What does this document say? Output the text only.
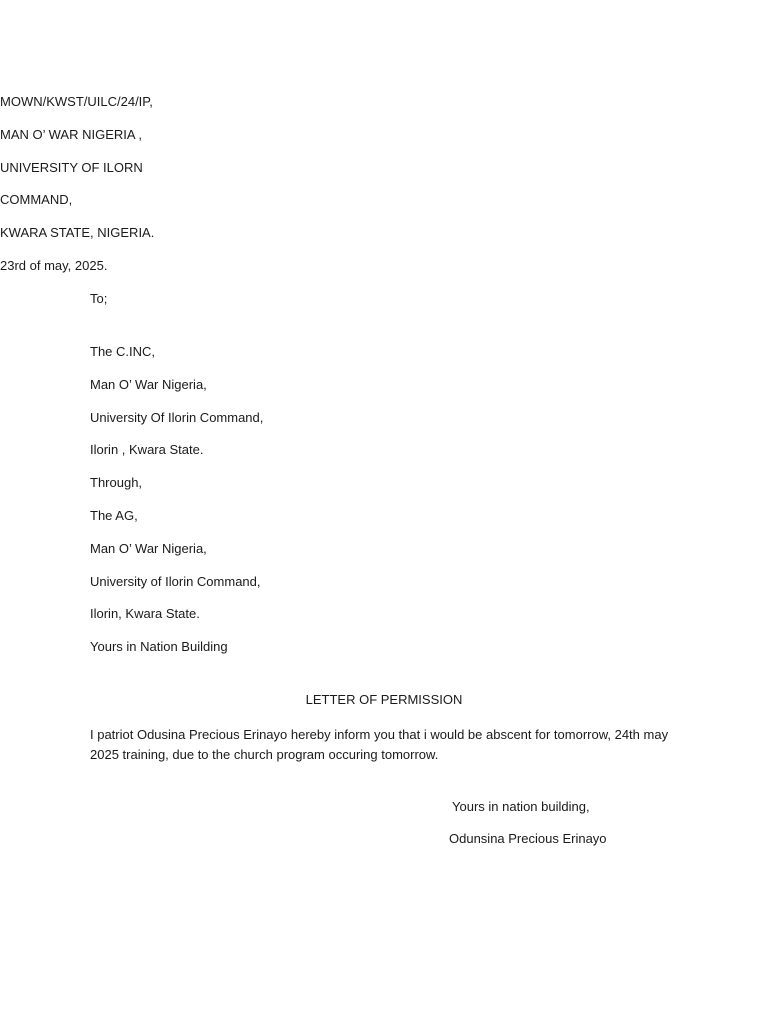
MOWN/KWST/UILC/24/IP,
MAN O’ WAR NIGERIA ,
UNIVERSITY OF ILORN
COMMAND,
KWARA STATE, NIGERIA.
23rd of may, 2025.
To;
The C.INC,
Man O’ War Nigeria,
University Of Ilorin Command,
Ilorin , Kwara State.
Through,
The AG,
Man O’ War Nigeria,
University of Ilorin Command,
Ilorin, Kwara State.
Yours in Nation Building
LETTER OF PERMISSION
I patriot Odusina Precious Erinayo hereby inform you that i would be abscent for tomorrow, 24th may 2025 training, due to the church program occuring tomorrow.
Yours in nation building,
Odunsina Precious Erinayo
